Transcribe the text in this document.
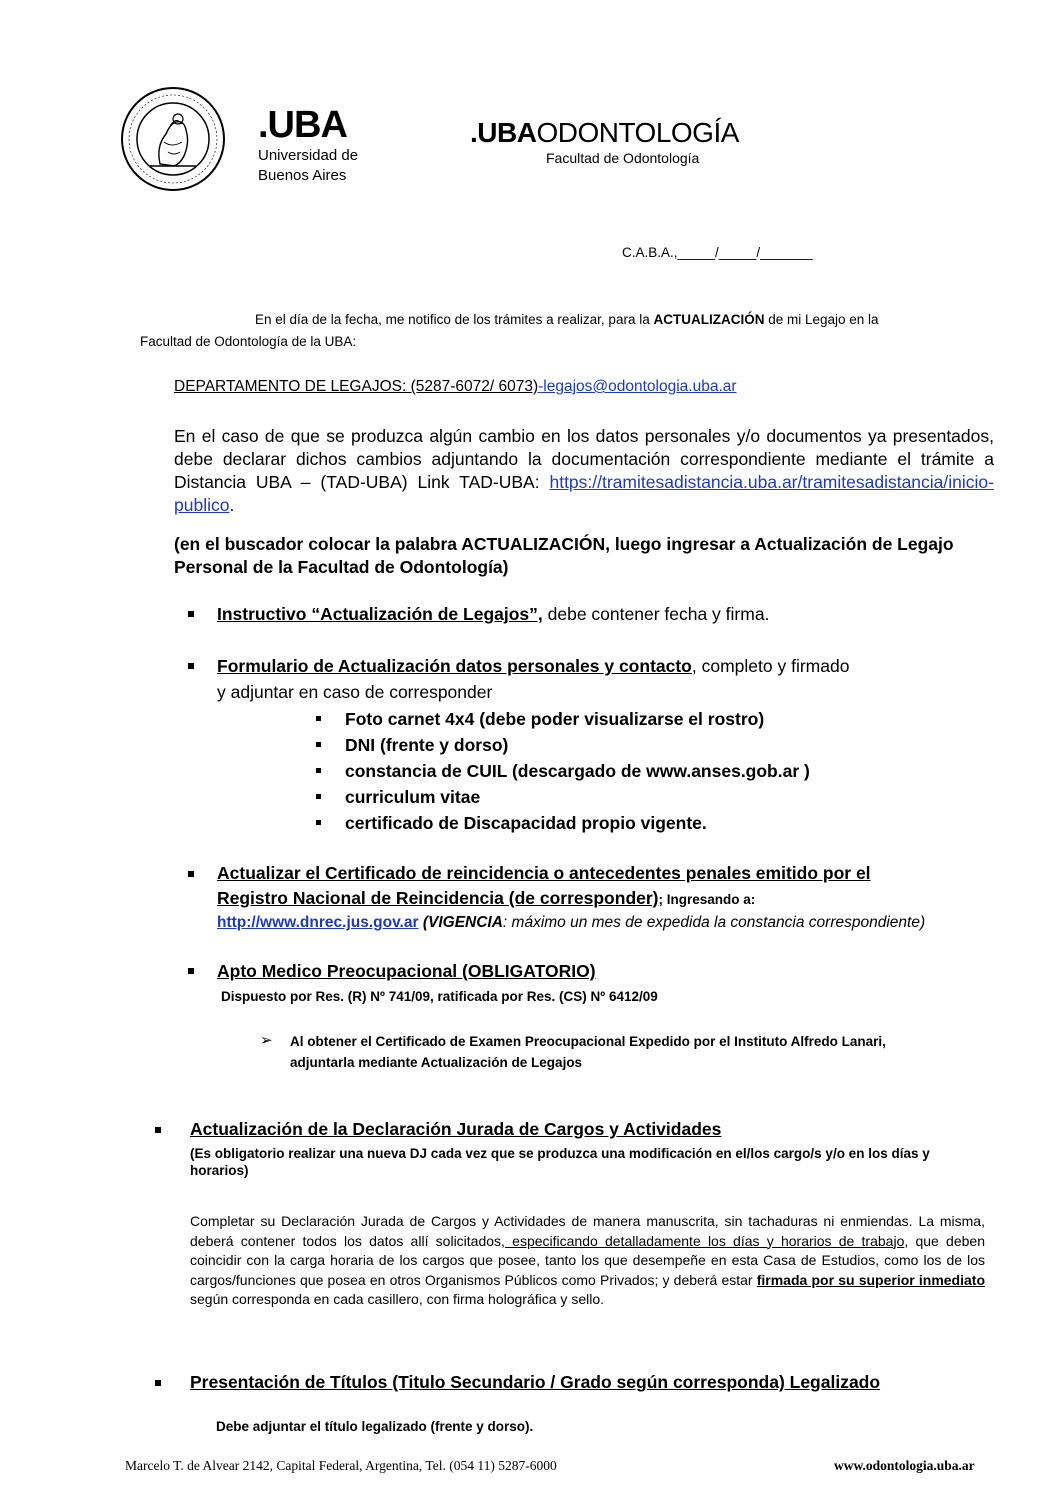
.UBA
Universidad de
Buenos Aires
.UBAODONTOLOGÍA
Facultad de Odontología
C.A.B.A.,_____/_____/_______
En el día de la fecha, me notifico de los trámites a realizar, para la ACTUALIZACIÓN de mi Legajo en la
Facultad de Odontología de la UBA:
DEPARTAMENTO DE LEGAJOS: (5287-6072/ 6073)-legajos@odontologia.uba.ar
En el caso de que se produzca algún cambio en los datos personales y/o documentos ya presentados, debe declarar dichos cambios adjuntando la documentación correspondiente mediante el trámite a Distancia UBA – (TAD-UBA) Link TAD-UBA: https://tramitesadistancia.uba.ar/tramitesadistancia/inicio-publico.
(en el buscador colocar la palabra ACTUALIZACIÓN, luego ingresar a Actualización de Legajo Personal de la Facultad de Odontología)
Instructivo “Actualización de Legajos”, debe contener fecha y firma.
Formulario de Actualización datos personales y contacto, completo y firmado
y adjuntar en caso de corresponder
Foto carnet 4x4 (debe poder visualizarse el rostro)
DNI (frente y dorso)
constancia de CUIL (descargado de www.anses.gob.ar )
curriculum vitae
certificado de Discapacidad propio vigente.
Actualizar el Certificado de reincidencia o antecedentes penales emitido por el
Registro Nacional de Reincidencia (de corresponder); Ingresando a:
http://www.dnrec.jus.gov.ar (VIGENCIA: máximo un mes de expedida la constancia correspondiente)
Apto Medico Preocupacional (OBLIGATORIO)
Dispuesto por Res. (R) Nº 741/09, ratificada por Res. (CS) Nº 6412/09
➢ Al obtener el Certificado de Examen Preocupacional Expedido por el Instituto Alfredo Lanari,
adjuntarla mediante Actualización de Legajos
Actualización de la Declaración Jurada de Cargos y Actividades
(Es obligatorio realizar una nueva DJ cada vez que se produzca una modificación en el/los cargo/s y/o en los días y horarios)
Completar su Declaración Jurada de Cargos y Actividades de manera manuscrita, sin tachaduras ni enmiendas. La misma, deberá contener todos los datos allí solicitados, especificando detalladamente los días y horarios de trabajo, que deben coincidir con la carga horaria de los cargos que posee, tanto los que desempeñe en esta Casa de Estudios, como los de los cargos/funciones que posea en otros Organismos Públicos como Privados; y deberá estar firmada por su superior inmediato según corresponda en cada casillero, con firma holográfica y sello.
Presentación de Títulos (Titulo Secundario / Grado según corresponda) Legalizado
Debe adjuntar el título legalizado (frente y dorso).
Marcelo T. de Alvear 2142, Capital Federal, Argentina, Tel. (054 11) 5287-6000	www.odontologia.uba.ar
